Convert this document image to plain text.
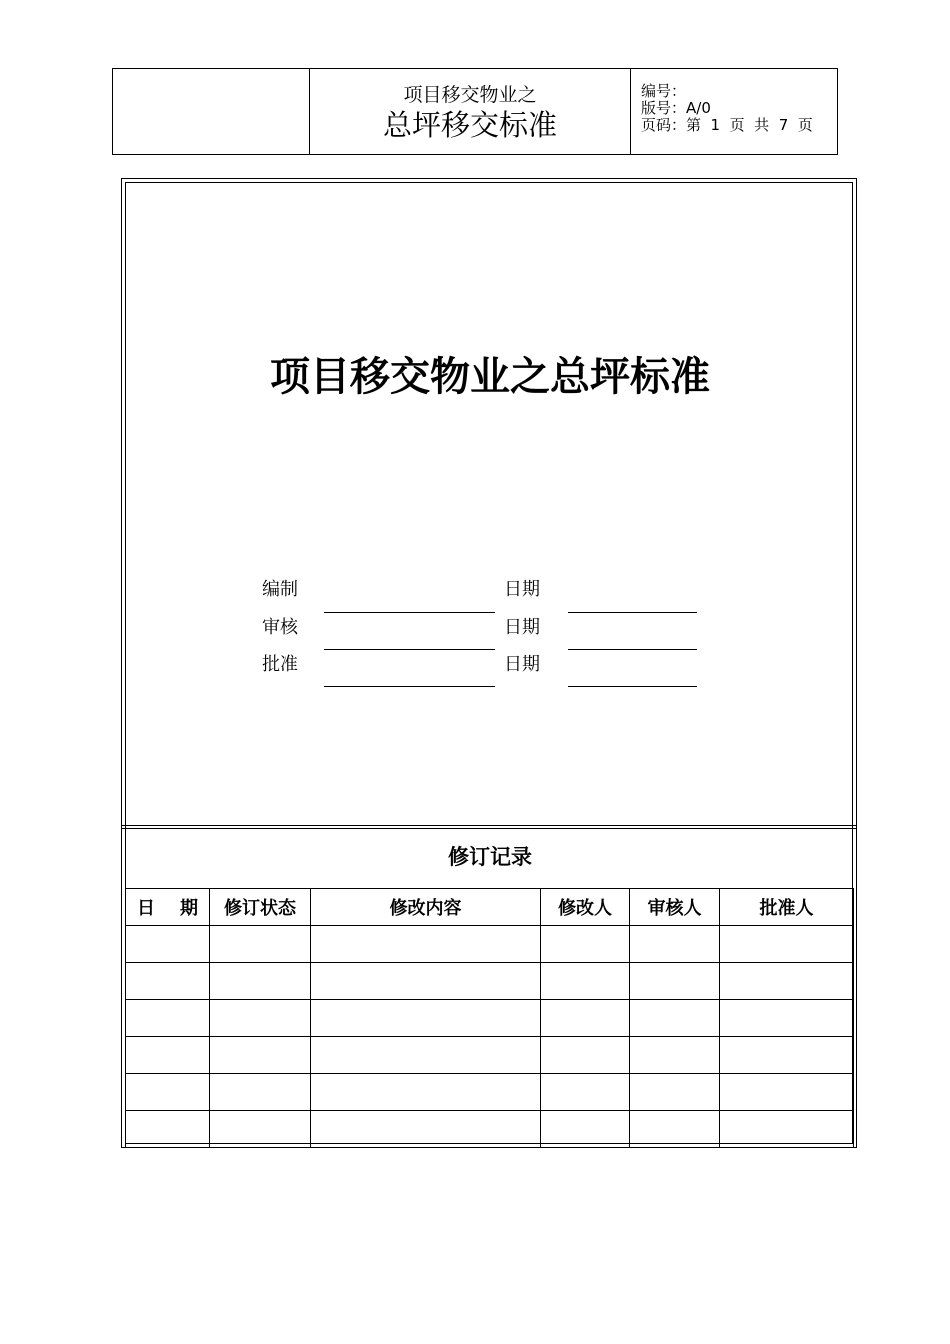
项目移交物业之
总坪移交标准
编号：
版号：A/0
页码：第  1  页  共  7  页
项目移交物业之总坪标准
编制	日期
审核	日期
批准	日期
修订记录
日    期	修订状态	修改内容	修改人	审核人	批准人
